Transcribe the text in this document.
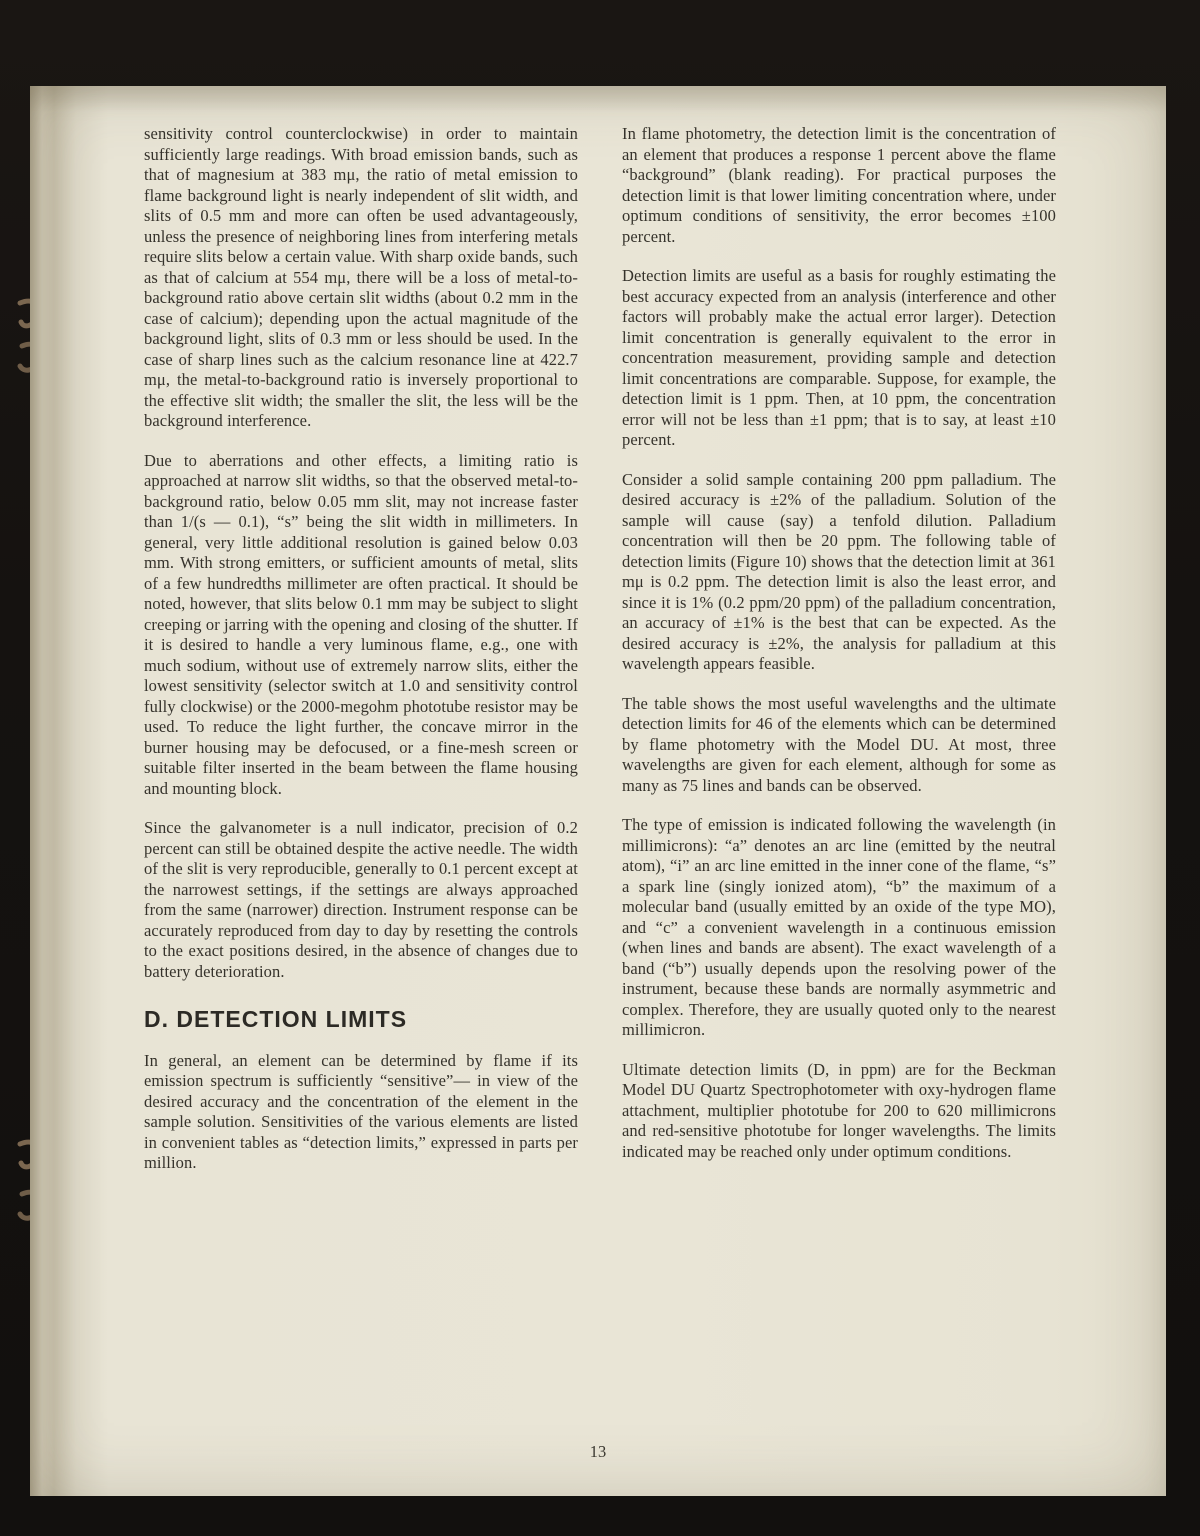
sensitivity control counterclockwise) in order to maintain sufficiently large readings. With broad emission bands, such as that of magnesium at 383 mμ, the ratio of metal emission to flame background light is nearly independent of slit width, and slits of 0.5 mm and more can often be used advantageously, unless the presence of neighboring lines from interfering metals require slits below a certain value. With sharp oxide bands, such as that of calcium at 554 mμ, there will be a loss of metal-to-background ratio above certain slit widths (about 0.2 mm in the case of calcium); depending upon the actual magnitude of the background light, slits of 0.3 mm or less should be used. In the case of sharp lines such as the calcium resonance line at 422.7 mμ, the metal-to-background ratio is inversely proportional to the effective slit width; the smaller the slit, the less will be the background interference.

Due to aberrations and other effects, a limiting ratio is approached at narrow slit widths, so that the observed metal-to-background ratio, below 0.05 mm slit, may not increase faster than 1/(s — 0.1), “s” being the slit width in millimeters. In general, very little additional resolution is gained below 0.03 mm. With strong emitters, or sufficient amounts of metal, slits of a few hundredths millimeter are often practical. It should be noted, however, that slits below 0.1 mm may be subject to slight creeping or jarring with the opening and closing of the shutter. If it is desired to handle a very luminous flame, e.g., one with much sodium, without use of extremely narrow slits, either the lowest sensitivity (selector switch at 1.0 and sensitivity control fully clockwise) or the 2000-megohm phototube resistor may be used. To reduce the light further, the concave mirror in the burner housing may be defocused, or a fine-mesh screen or suitable filter inserted in the beam between the flame housing and mounting block.

Since the galvanometer is a null indicator, precision of 0.2 percent can still be obtained despite the active needle. The width of the slit is very reproducible, generally to 0.1 percent except at the narrowest settings, if the settings are always approached from the same (narrower) direction. Instrument response can be accurately reproduced from day to day by resetting the controls to the exact positions desired, in the absence of changes due to battery deterioration.

D. DETECTION LIMITS

In general, an element can be determined by flame if its emission spectrum is sufficiently “sensitive”— in view of the desired accuracy and the concentration of the element in the sample solution. Sensitivities of the various elements are listed in convenient tables as “detection limits,” expressed in parts per million.

In flame photometry, the detection limit is the concentration of an element that produces a response 1 percent above the flame “background” (blank reading). For practical purposes the detection limit is that lower limiting concentration where, under optimum conditions of sensitivity, the error becomes ±100 percent.

Detection limits are useful as a basis for roughly estimating the best accuracy expected from an analysis (interference and other factors will probably make the actual error larger). Detection limit concentration is generally equivalent to the error in concentration measurement, providing sample and detection limit concentrations are comparable. Suppose, for example, the detection limit is 1 ppm. Then, at 10 ppm, the concentration error will not be less than ±1 ppm; that is to say, at least ±10 percent.

Consider a solid sample containing 200 ppm palladium. The desired accuracy is ±2% of the palladium. Solution of the sample will cause (say) a tenfold dilution. Palladium concentration will then be 20 ppm. The following table of detection limits (Figure 10) shows that the detection limit at 361 mμ is 0.2 ppm. The detection limit is also the least error, and since it is 1% (0.2 ppm/20 ppm) of the palladium concentration, an accuracy of ±1% is the best that can be expected. As the desired accuracy is ±2%, the analysis for palladium at this wavelength appears feasible.

The table shows the most useful wavelengths and the ultimate detection limits for 46 of the elements which can be determined by flame photometry with the Model DU. At most, three wavelengths are given for each element, although for some as many as 75 lines and bands can be observed.

The type of emission is indicated following the wavelength (in millimicrons): “a” denotes an arc line (emitted by the neutral atom), “i” an arc line emitted in the inner cone of the flame, “s” a spark line (singly ionized atom), “b” the maximum of a molecular band (usually emitted by an oxide of the type MO), and “c” a convenient wavelength in a continuous emission (when lines and bands are absent). The exact wavelength of a band (“b”) usually depends upon the resolving power of the instrument, because these bands are normally asymmetric and complex. Therefore, they are usually quoted only to the nearest millimicron.

Ultimate detection limits (D, in ppm) are for the Beckman Model DU Quartz Spectrophotometer with oxy-hydrogen flame attachment, multiplier phototube for 200 to 620 millimicrons and red-sensitive phototube for longer wavelengths. The limits indicated may be reached only under optimum conditions.

13
